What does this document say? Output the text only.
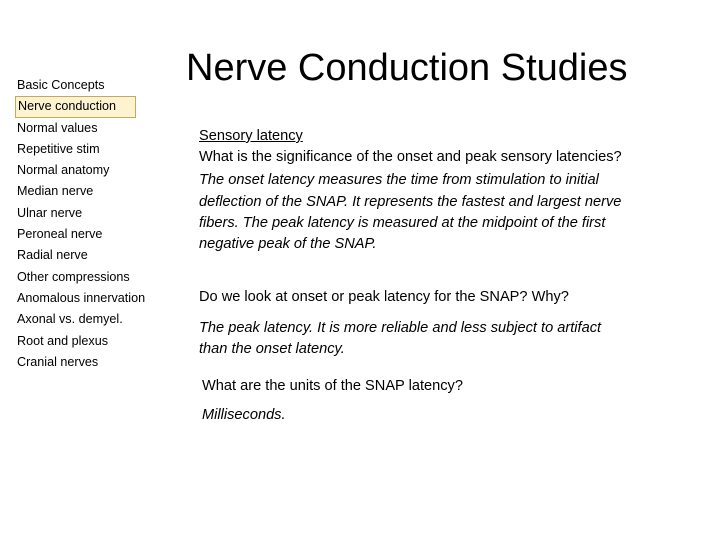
Basic Concepts
Nerve conduction
Normal values
Repetitive stim
Normal anatomy
Median nerve
Ulnar nerve
Peroneal nerve
Radial nerve
Other compressions
Anomalous innervation
Axonal vs. demyel.
Root and plexus
Cranial nerves
Nerve Conduction Studies
Sensory latency
What is the significance of the onset and peak sensory latencies?
The onset latency measures the time from stimulation to initial deflection of the SNAP. It represents the fastest and largest nerve fibers. The peak latency is measured at the midpoint of the first negative peak of the SNAP.
Do we look at onset or peak latency for the SNAP? Why?
The peak latency. It is more reliable and less subject to artifact than the onset latency.
What are the units of the SNAP latency?
Milliseconds.
